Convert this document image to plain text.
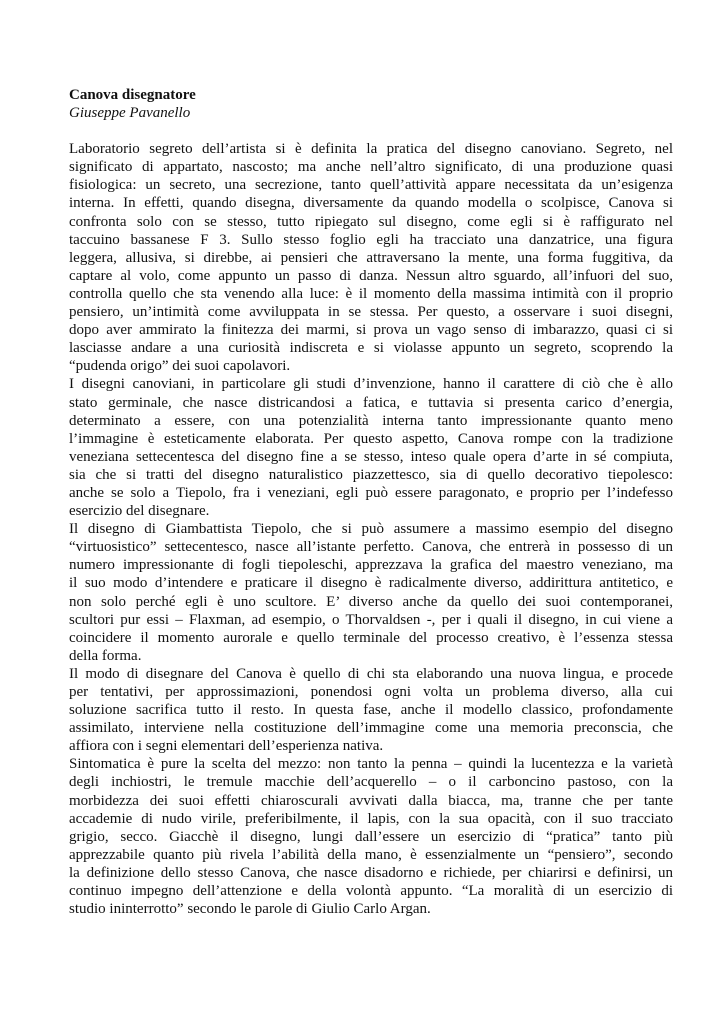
Canova disegnatore

Giuseppe Pavanello

Laboratorio segreto dell’artista si è definita la pratica del disegno canoviano. Segreto, nel
significato di appartato, nascosto; ma anche nell’altro significato, di una produzione quasi
fisiologica: un secreto, una secrezione, tanto quell’attività appare necessitata da un’esigenza
interna. In effetti, quando disegna, diversamente da quando modella o scolpisce, Canova si
confronta solo con se stesso, tutto ripiegato sul disegno, come egli si è raffigurato nel
taccuino bassanese F 3. Sullo stesso foglio egli ha tracciato una danzatrice, una figura
leggera, allusiva, si direbbe, ai pensieri che attraversano la mente, una forma fuggitiva, da
captare al volo, come appunto un passo di danza. Nessun altro sguardo, all’infuori del suo,
controlla quello che sta venendo alla luce: è il momento della massima intimità con il proprio
pensiero, un’intimità come avviluppata in se stessa. Per questo, a osservare i suoi disegni,
dopo aver ammirato la finitezza dei marmi, si prova un vago senso di imbarazzo, quasi ci si
lasciasse andare a una curiosità indiscreta e si violasse appunto un segreto, scoprendo la
“pudenda origo” dei suoi capolavori.

I disegni canoviani, in particolare gli studi d’invenzione, hanno il carattere di ciò che è allo
stato germinale, che nasce districandosi a fatica, e tuttavia si presenta carico d’energia,
determinato a essere, con una potenzialità interna tanto impressionante quanto meno
l’immagine è esteticamente elaborata. Per questo aspetto, Canova rompe con la tradizione
veneziana settecentesca del disegno fine a se stesso, inteso quale opera d’arte in sé compiuta,
sia che si tratti del disegno naturalistico piazzettesco, sia di quello decorativo tiepolesco:
anche se solo a Tiepolo, fra i veneziani, egli può essere paragonato, e proprio per l’indefesso
esercizio del disegnare.

Il disegno di Giambattista Tiepolo, che si può assumere a massimo esempio del disegno
“virtuosistico” settecentesco, nasce all’istante perfetto. Canova, che entrerà in possesso di un
numero impressionante di fogli tiepoleschi, apprezzava la grafica del maestro veneziano, ma
il suo modo d’intendere e praticare il disegno è radicalmente diverso, addirittura antitetico, e
non solo perché egli è uno scultore. E’ diverso anche da quello dei suoi contemporanei,
scultori pur essi – Flaxman, ad esempio, o Thorvaldsen -, per i quali il disegno, in cui viene a
coincidere il momento aurorale e quello terminale del processo creativo, è l’essenza stessa
della forma.

Il modo di disegnare del Canova è quello di chi sta elaborando una nuova lingua, e procede
per tentativi, per approssimazioni, ponendosi ogni volta un problema diverso, alla cui
soluzione sacrifica tutto il resto. In questa fase, anche il modello classico, profondamente
assimilato, interviene nella costituzione dell’immagine come una memoria preconscia, che
affiora con i segni elementari dell’esperienza nativa.

Sintomatica è pure la scelta del mezzo: non tanto la penna – quindi la lucentezza e la varietà
degli inchiostri, le tremule macchie dell’acquerello – o il carboncino pastoso, con la
morbidezza dei suoi effetti chiaroscurali avvivati dalla biacca, ma, tranne che per tante
accademie di nudo virile, preferibilmente, il lapis, con la sua opacità, con il suo tracciato
grigio, secco. Giacchè il disegno, lungi dall’essere un esercizio di “pratica” tanto più
apprezzabile quanto più rivela l’abilità della mano, è essenzialmente un “pensiero”, secondo
la definizione dello stesso Canova, che nasce disadorno e richiede, per chiarirsi e definirsi, un
continuo impegno dell’attenzione e della volontà appunto. “La moralità di un esercizio di
studio ininterrotto” secondo le parole di Giulio Carlo Argan.
